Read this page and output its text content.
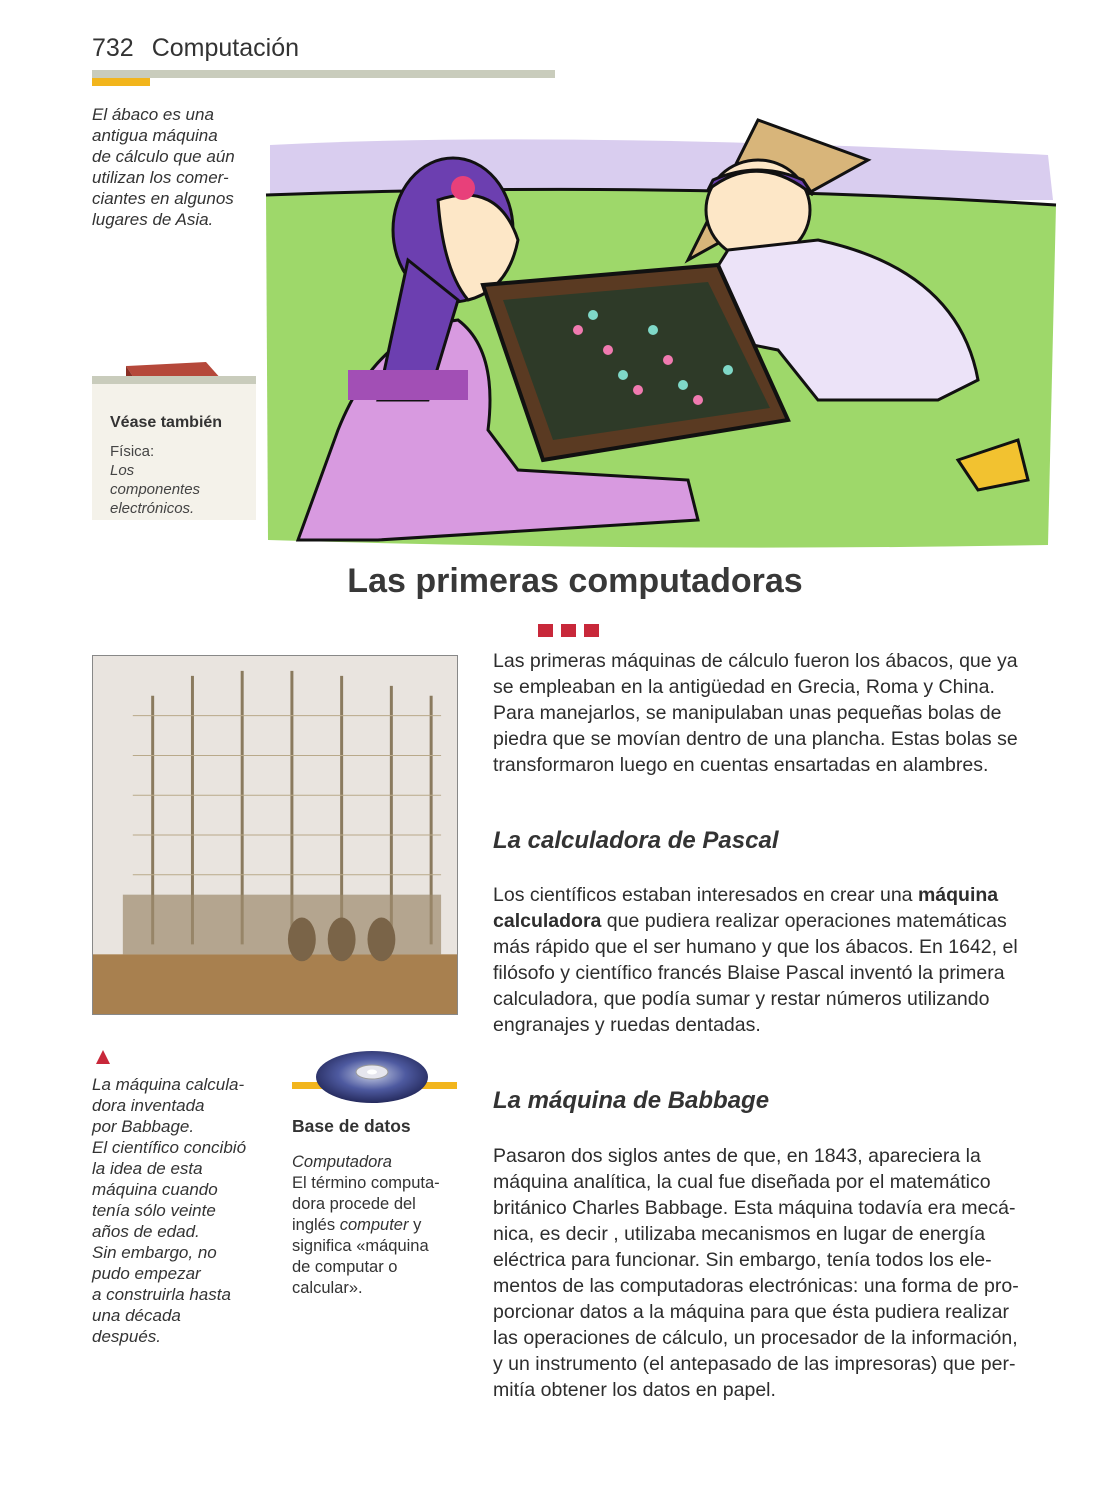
732 Computación
El ábaco es una
antigua máquina
de cálculo que aún
utilizan los comer-
ciantes en algunos
lugares de Asia.
Véase también
Física:
Los
componentes
electrónicos.
Las primeras computadoras
Las primeras máquinas de cálculo fueron los ábacos, que ya
se empleaban en la antigüedad en Grecia, Roma y China.
Para manejarlos, se manipulaban unas pequeñas bolas de
piedra que se movían dentro de una plancha. Estas bolas se
transformaron luego en cuentas ensartadas en alambres.
La calculadora de Pascal
Los científicos estaban interesados en crear una máquina
calculadora que pudiera realizar operaciones matemáticas
más rápido que el ser humano y que los ábacos. En 1642, el
filósofo y científico francés Blaise Pascal inventó la primera
calculadora, que podía sumar y restar números utilizando
engranajes y ruedas dentadas.
La máquina de Babbage
Pasaron dos siglos antes de que, en 1843, apareciera la
máquina analítica, la cual fue diseñada por el matemático
británico Charles Babbage. Esta máquina todavía era mecá-
nica, es decir , utilizaba mecanismos en lugar de energía
eléctrica para funcionar. Sin embargo, tenía todos los ele-
mentos de las computadoras electrónicas: una forma de pro-
porcionar datos a la máquina para que ésta pudiera realizar
las operaciones de cálculo, un procesador de la información,
y un instrumento (el antepasado de las impresoras) que per-
mitía obtener los datos en papel.
La máquina calcula-
dora inventada
por Babbage.
El científico concibió
la idea de esta
máquina cuando
tenía sólo veinte
años de edad.
Sin embargo, no
pudo empezar
a construirla hasta
una década
después.
Base de datos
Computadora
El término computa-
dora procede del
inglés computer y
significa «máquina
de computar o
calcular».
